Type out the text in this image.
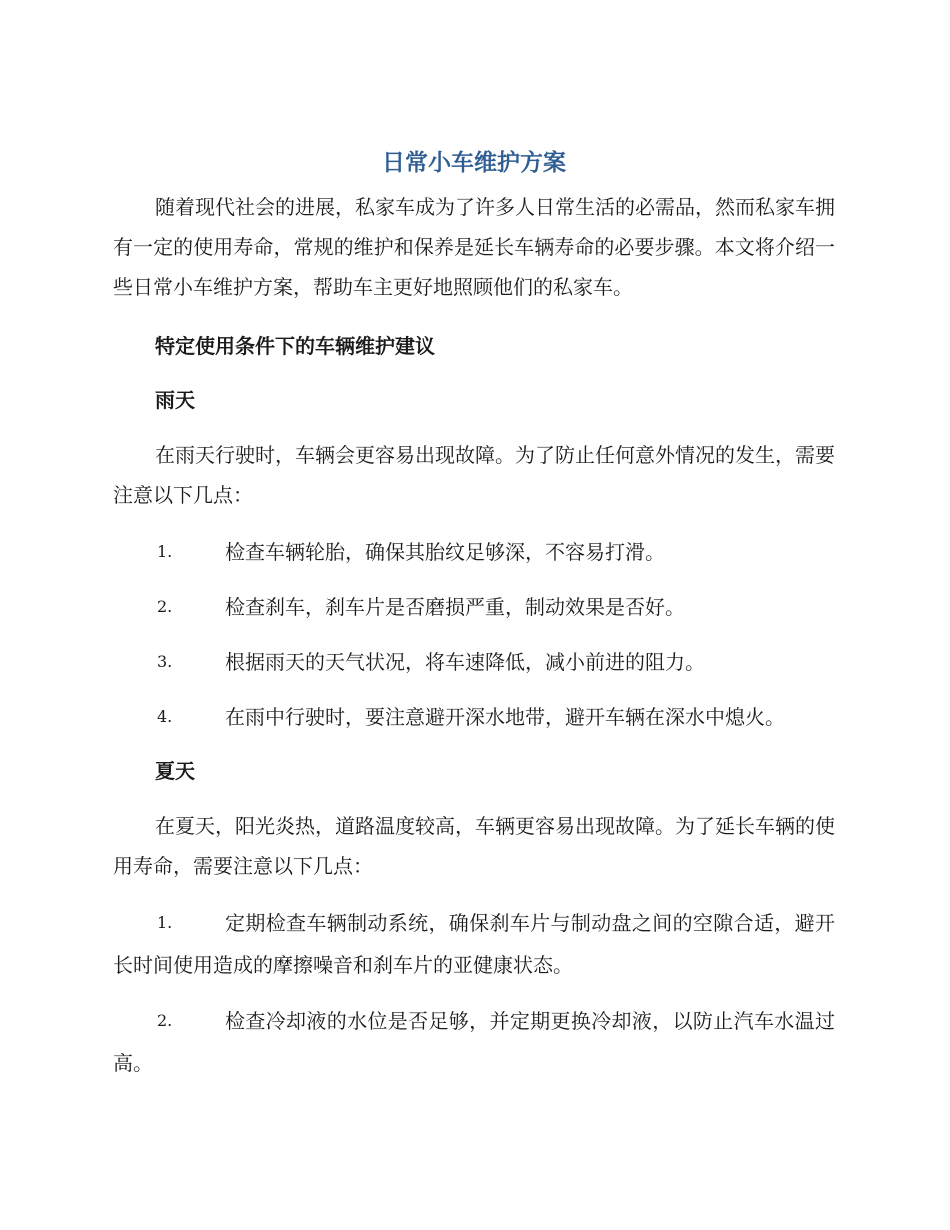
日常小车维护方案

随着现代社会的进展，私家车成为了许多人日常生活的必需品，然而私家车拥有一定的使用寿命，常规的维护和保养是延长车辆寿命的必要步骤。本文将介绍一些日常小车维护方案，帮助车主更好地照顾他们的私家车。

特定使用条件下的车辆维护建议
雨天

在雨天行驶时，车辆会更容易出现故障。为了防止任何意外情况的发生，需要注意以下几点：

1.	检查车辆轮胎，确保其胎纹足够深，不容易打滑。
2.	检查刹车，刹车片是否磨损严重，制动效果是否好。
3.	根据雨天的天气状况，将车速降低，减小前进的阻力。
4.	在雨中行驶时，要注意避开深水地带，避开车辆在深水中熄火。
夏天

在夏天，阳光炎热，道路温度较高，车辆更容易出现故障。为了延长车辆的使用寿命，需要注意以下几点：

1.	定期检查车辆制动系统，确保刹车片与制动盘之间的空隙合适，避开长时间使用造成的摩擦噪音和刹车片的亚健康状态。
2.	检查冷却液的水位是否足够，并定期更换冷却液，以防止汽车水温过高。
